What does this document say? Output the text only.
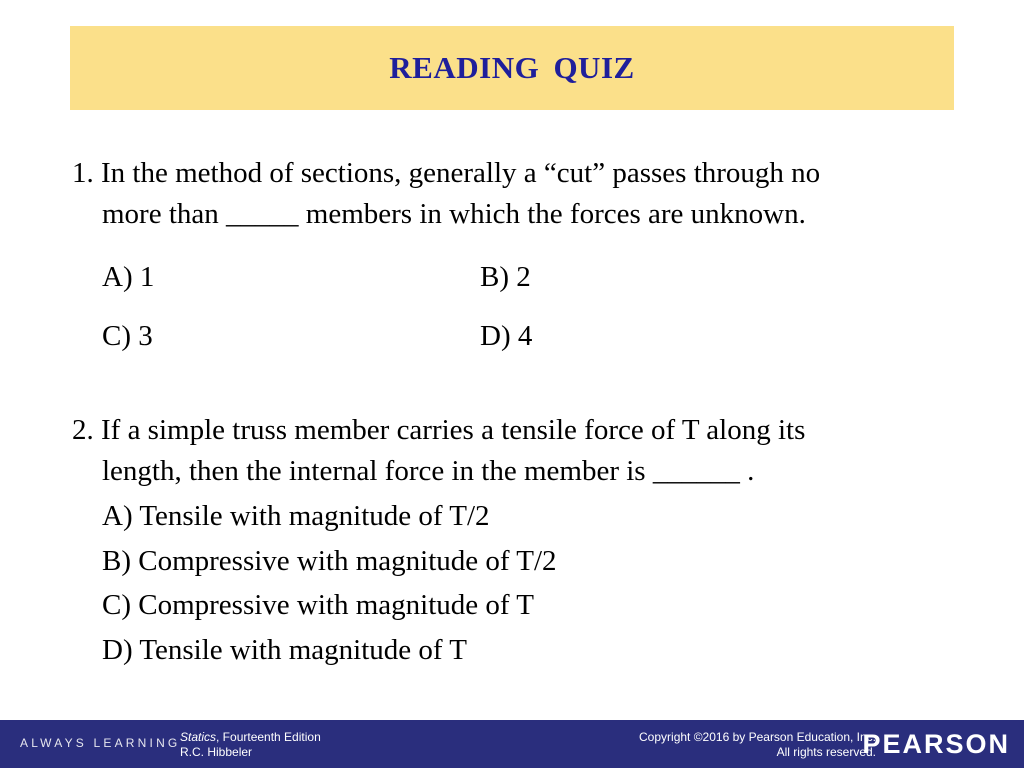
READING QUIZ
1. In the method of sections, generally a “cut” passes through no
more than _____ members in which the forces are unknown.
A) 1	B) 2
C) 3	D) 4
2. If a simple truss member carries a tensile force of T along its
length, then the internal force in the member is ______ .
A) Tensile with magnitude of T/2
B) Compressive with magnitude of T/2
C) Compressive with magnitude of T
D) Tensile with magnitude of T
ALWAYS LEARNING Statics, Fourteenth Edition
R.C. Hibbeler
Copyright ©2016 by Pearson Education, Inc.
All rights reserved.
PEARSON
